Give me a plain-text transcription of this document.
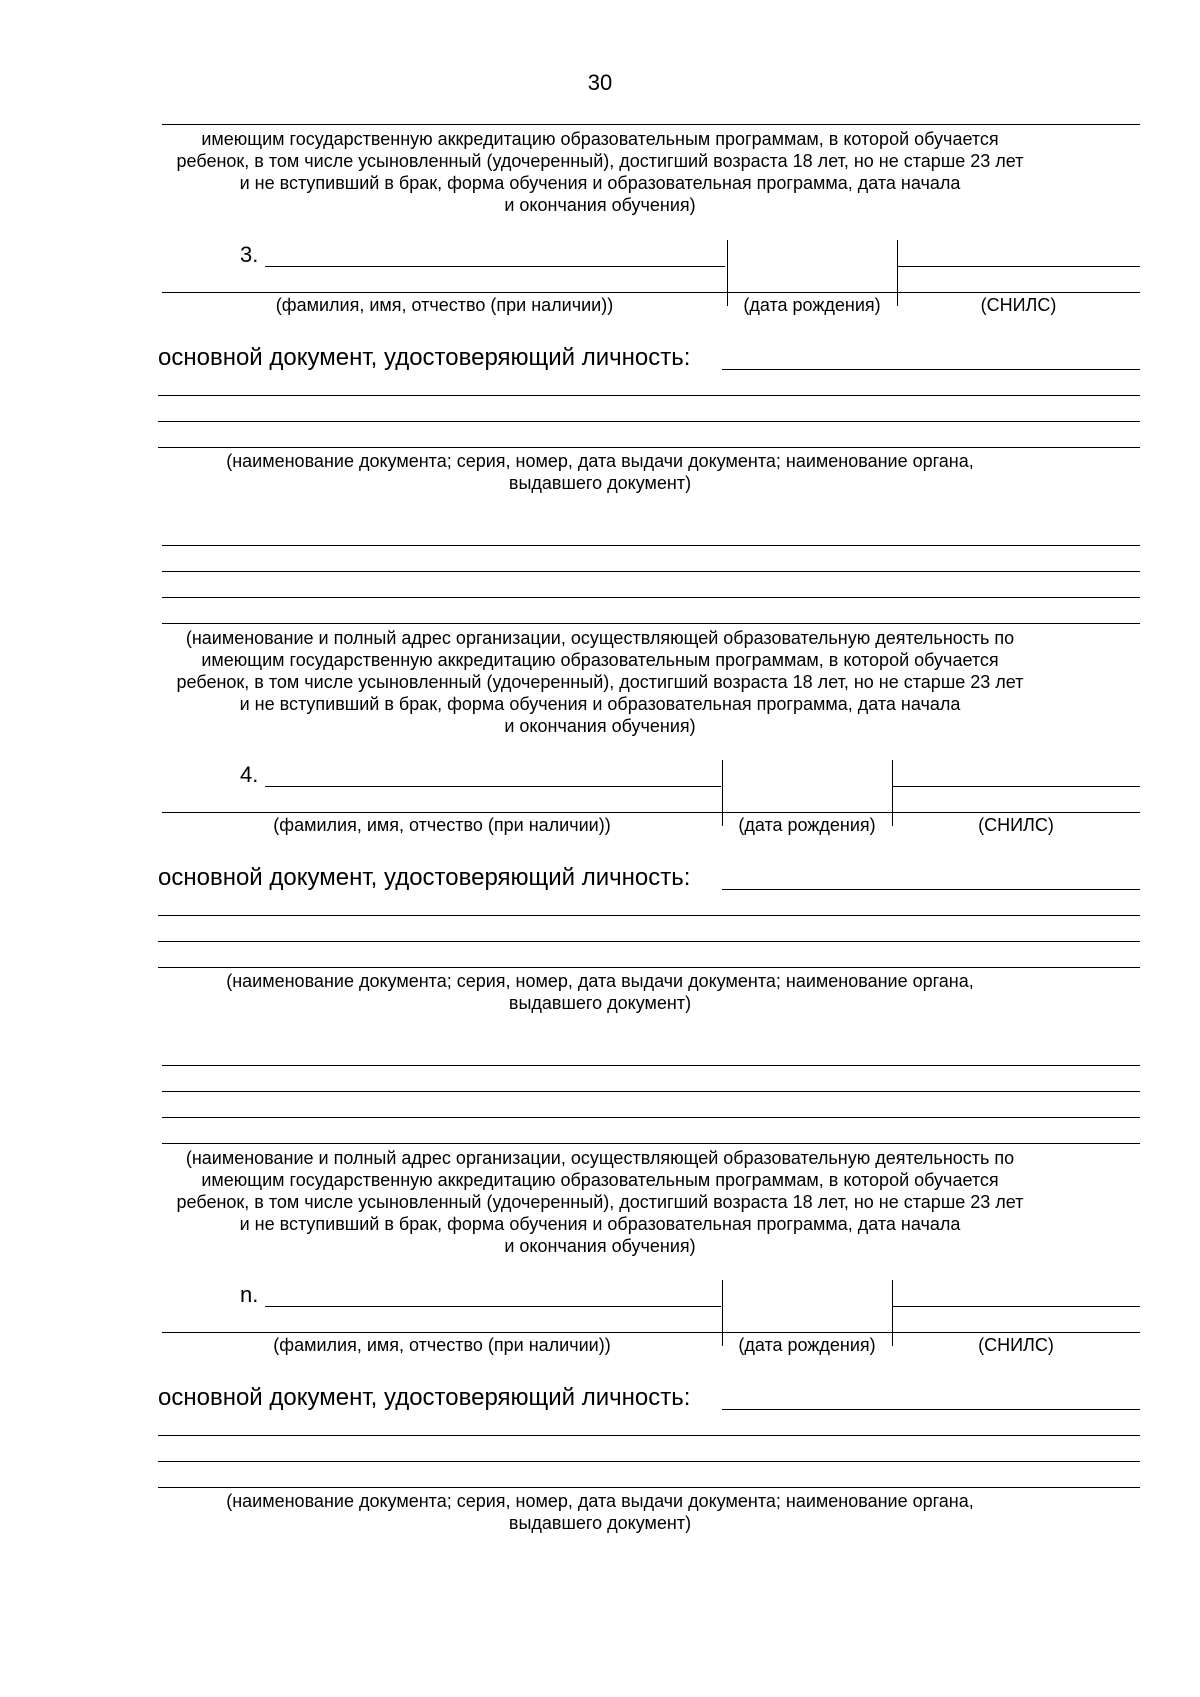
30
имеющим государственную аккредитацию образовательным программам, в которой обучается
ребенок, в том числе усыновленный (удочеренный), достигший возраста 18 лет, но не старше 23 лет
и не вступивший в брак, форма обучения и образовательная программа, дата начала
и окончания обучения)
3.
(фамилия, имя, отчество (при наличии))	(дата рождения)	(СНИЛС)
основной документ, удостоверяющий личность:
(наименование документа; серия, номер, дата выдачи документа; наименование органа,
выдавшего документ)
(наименование и полный адрес организации, осуществляющей образовательную деятельность по
имеющим государственную аккредитацию образовательным программам, в которой обучается
ребенок, в том числе усыновленный (удочеренный), достигший возраста 18 лет, но не старше 23 лет
и не вступивший в брак, форма обучения и образовательная программа, дата начала
и окончания обучения)
4.
(фамилия, имя, отчество (при наличии))	(дата рождения)	(СНИЛС)
основной документ, удостоверяющий личность:
(наименование документа; серия, номер, дата выдачи документа; наименование органа,
выдавшего документ)
(наименование и полный адрес организации, осуществляющей образовательную деятельность по
имеющим государственную аккредитацию образовательным программам, в которой обучается
ребенок, в том числе усыновленный (удочеренный), достигший возраста 18 лет, но не старше 23 лет
и не вступивший в брак, форма обучения и образовательная программа, дата начала
и окончания обучения)
n.
(фамилия, имя, отчество (при наличии))	(дата рождения)	(СНИЛС)
основной документ, удостоверяющий личность:
(наименование документа; серия, номер, дата выдачи документа; наименование органа,
выдавшего документ)
